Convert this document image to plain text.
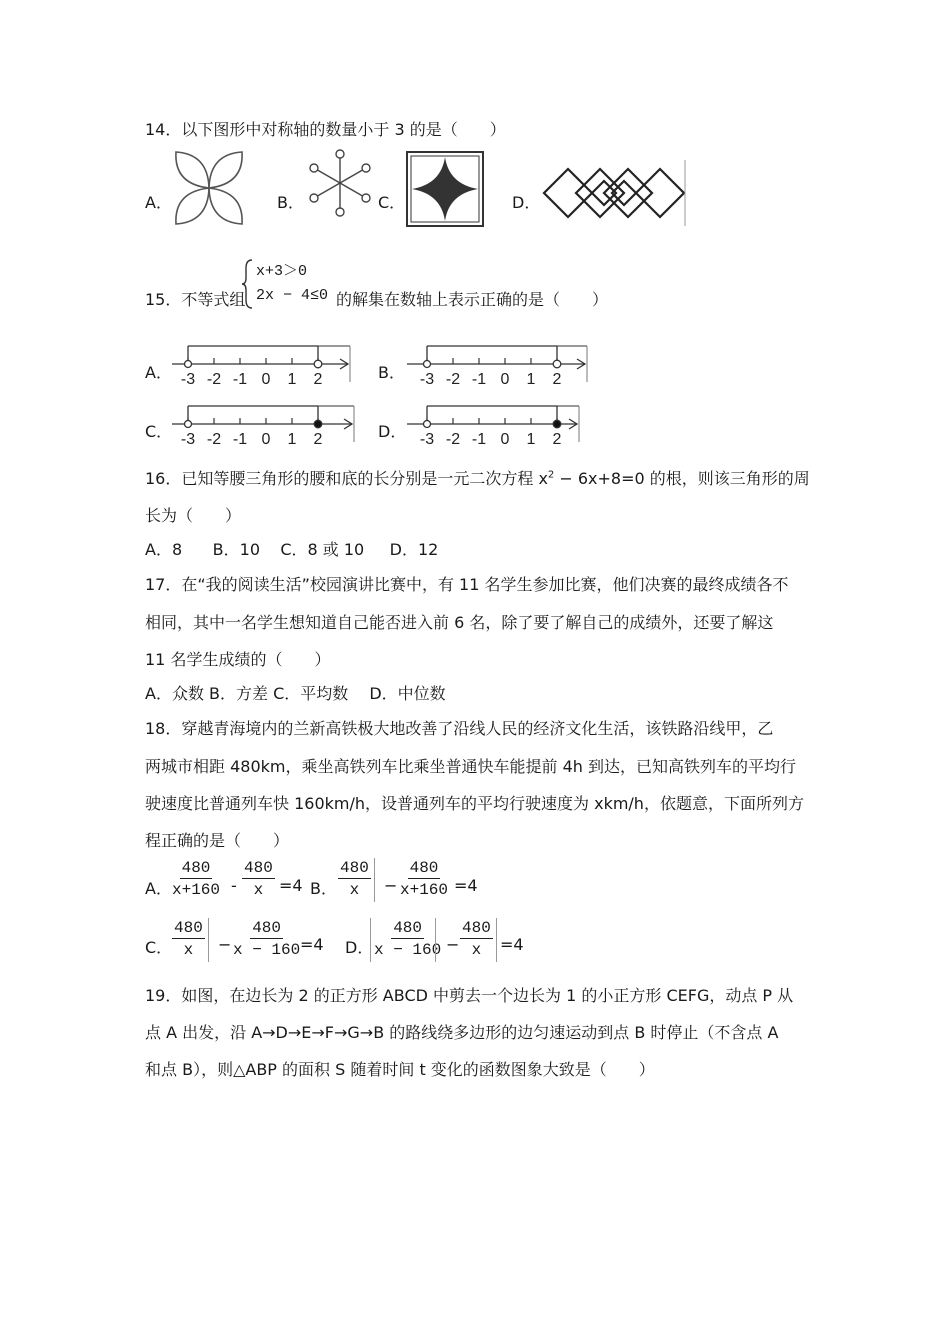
14．以下图形中对称轴的数量小于 3 的是（　　）
A．	B．	C．	D．
15．不等式组
x+3＞0
2x − 4≤0 的解集在数轴上表示正确的是（　　）
A．	B．
C．	D．
-3 -2 -1 0 1 2	-3 -2 -1 0 1 2
-3 -2 -1 0 1 2	-3 -2 -1 0 1 2
16．已知等腰三角形的腰和底的长分别是一元二次方程 $x^2 - 6x+8=0$ 的根，则该三角形的周
长为（　　）
A．8 B．10 C．8 或 10 D．12
17．在“我的阅读生活”校园演讲比赛中，有 11 名学生参加比赛，他们决赛的最终成绩各不
相同，其中一名学生想知道自己能否进入前 6 名，除了要了解自己的成绩外，还要了解这
11 名学生成绩的（　　）
A．众数 B．方差 C．平均数　 D．中位数
18．穿越青海境内的兰新高铁极大地改善了沿线人民的经济文化生活，该铁路沿线甲，乙
两城市相距 480km，乘坐高铁列车比乘坐普通快车能提前 4h 到达，已知高铁列车的平均行
驶速度比普通列车快 160km/h，设普通列车的平均行驶速度为 xkm/h，依题意，下面所列方
程正确的是（　　）
A．
$\frac{480}{x+160} - \frac{480}{x} =4$ B． $\frac{480}{x} - \frac{480}{x+160} =4$
C． $\frac{480}{x} - \frac{480}{x - 160}$
=4 D．
$\frac{480}{x - 160} - \frac{480}{x} =4$
19．如图，在边长为 2 的正方形 ABCD 中剪去一个边长为 1 的小正方形 CEFG，动点 P 从
点 A 出发，沿 A→D→E→F→G→B 的路线绕多边形的边匀速运动到点 B 时停止（不含点 A
和点 B），则△ABP 的面积 S 随着时间 t 变化的函数图象大致是（　　）
